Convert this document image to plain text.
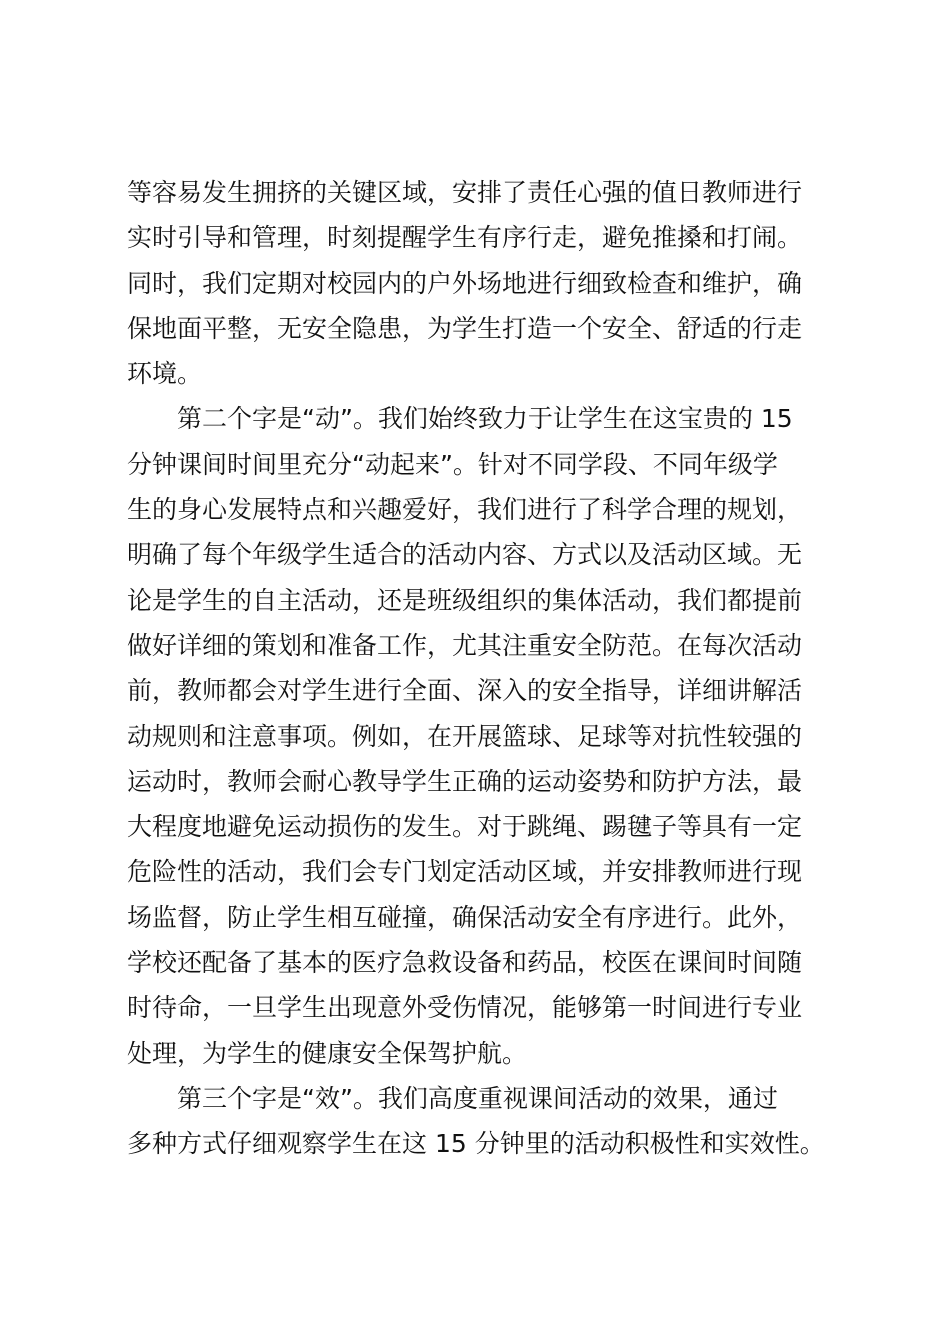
等容易发生拥挤的关键区域，安排了责任心强的值日教师进行
实时引导和管理，时刻提醒学生有序行走，避免推搡和打闹。
同时，我们定期对校园内的户外场地进行细致检查和维护，确
保地面平整，无安全隐患，为学生打造一个安全、舒适的行走
环境。

第二个字是“动”。我们始终致力于让学生在这宝贵的 15
分钟课间时间里充分“动起来”。针对不同学段、不同年级学
生的身心发展特点和兴趣爱好，我们进行了科学合理的规划，
明确了每个年级学生适合的活动内容、方式以及活动区域。无
论是学生的自主活动，还是班级组织的集体活动，我们都提前
做好详细的策划和准备工作，尤其注重安全防范。在每次活动
前，教师都会对学生进行全面、深入的安全指导，详细讲解活
动规则和注意事项。例如，在开展篮球、足球等对抗性较强的
运动时，教师会耐心教导学生正确的运动姿势和防护方法，最
大程度地避免运动损伤的发生。对于跳绳、踢毽子等具有一定
危险性的活动，我们会专门划定活动区域，并安排教师进行现
场监督，防止学生相互碰撞，确保活动安全有序进行。此外，
学校还配备了基本的医疗急救设备和药品，校医在课间时间随
时待命，一旦学生出现意外受伤情况，能够第一时间进行专业
处理，为学生的健康安全保驾护航。

第三个字是“效”。我们高度重视课间活动的效果，通过
多种方式仔细观察学生在这 15 分钟里的活动积极性和实效性。
